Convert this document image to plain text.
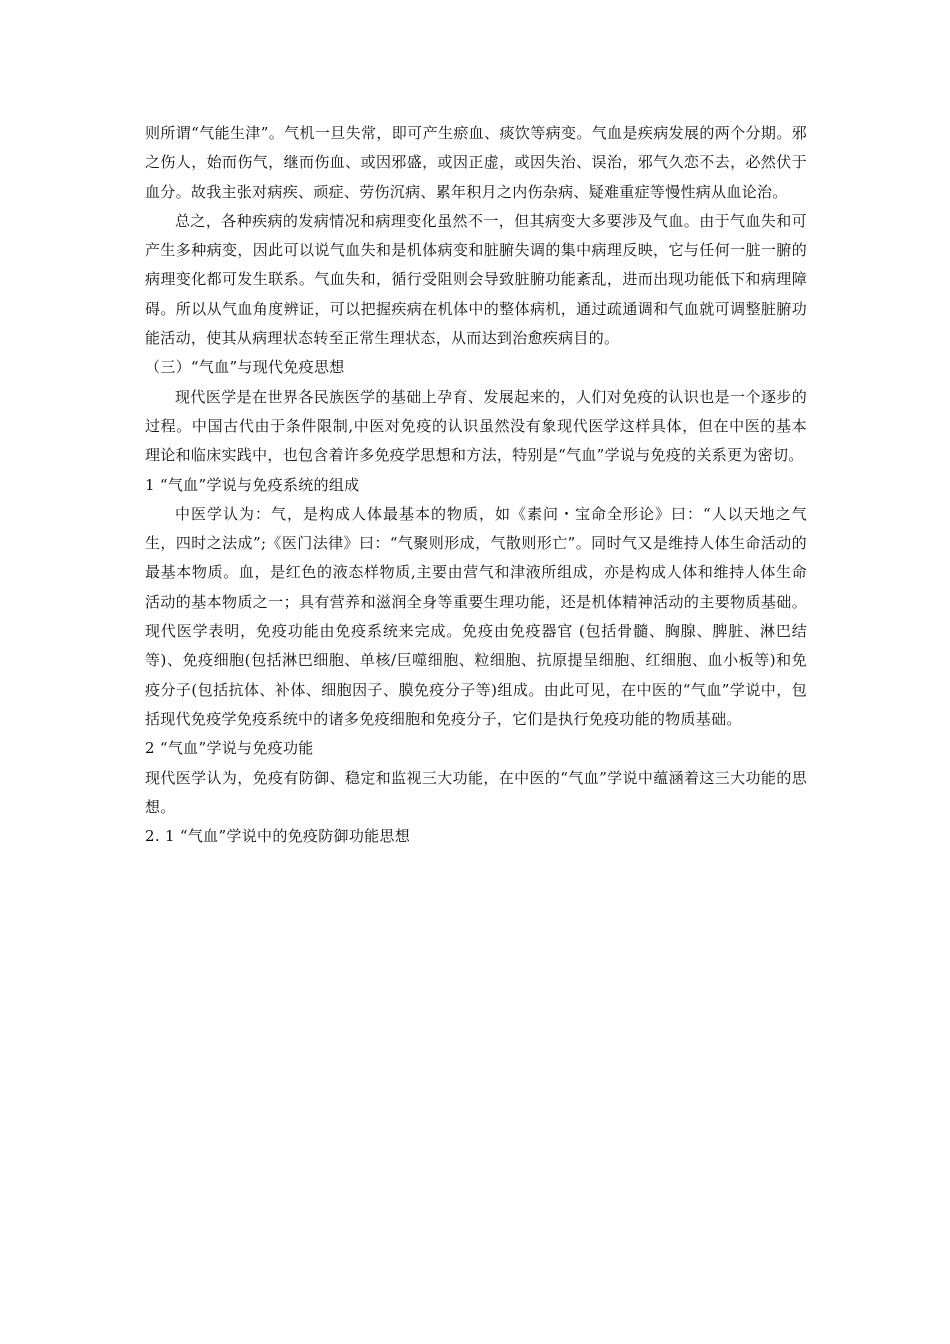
则所谓“气能生津”。气机一旦失常，即可产生瘀血、痰饮等病变。气血是疾病发展的两个分期。邪之伤人，始而伤气，继而伤血、或因邪盛，或因正虚，或因失治、误治，邪气久恋不去，必然伏于血分。故我主张对病疾、顽症、劳伤沉病、累年积月之内伤杂病、疑难重症等慢性病从血论治。

总之，各种疾病的发病情况和病理变化虽然不一，但其病变大多要涉及气血。由于气血失和可产生多种病变，因此可以说气血失和是机体病变和脏腑失调的集中病理反映，它与任何一脏一腑的病理变化都可发生联系。气血失和，循行受阻则会导致脏腑功能紊乱，进而出现功能低下和病理障碍。所以从气血角度辨证，可以把握疾病在机体中的整体病机，通过疏通调和气血就可调整脏腑功能活动，使其从病理状态转至正常生理状态，从而达到治愈疾病目的。

（三）“气血”与现代免疫思想

现代医学是在世界各民族医学的基础上孕育、发展起来的，人们对免疫的认识也是一个逐步的过程。中国古代由于条件限制,中医对免疫的认识虽然没有象现代医学这样具体，但在中医的基本理论和临床实践中，也包含着许多免疫学思想和方法，特别是“气血”学说与免疫的关系更为密切。

1 “气血”学说与免疫系统的组成

中医学认为：气，是构成人体最基本的物质，如《素问・宝命全形论》曰：“人以天地之气生，四时之法成”;《医门法律》曰：“气聚则形成，气散则形亡”。同时气又是维持人体生命活动的最基本物质。血，是红色的液态样物质,主要由营气和津液所组成，亦是构成人体和维持人体生命活动的基本物质之一；具有营养和滋润全身等重要生理功能，还是机体精神活动的主要物质基础。现代医学表明，免疫功能由免疫系统来完成。免疫由免疫器官 (包括骨髓、胸腺、脾脏、淋巴结等)、免疫细胞(包括淋巴细胞、单核/巨噬细胞、粒细胞、抗原提呈细胞、红细胞、血小板等)和免疫分子(包括抗体、补体、细胞因子、膜免疫分子等)组成。由此可见，在中医的“气血”学说中，包括现代免疫学免疫系统中的诸多免疫细胞和免疫分子，它们是执行免疫功能的物质基础。

2 “气血”学说与免疫功能

现代医学认为，免疫有防御、稳定和监视三大功能，在中医的“气血”学说中蕴涵着这三大功能的思想。

2. 1 “气血”学说中的免疫防御功能思想
